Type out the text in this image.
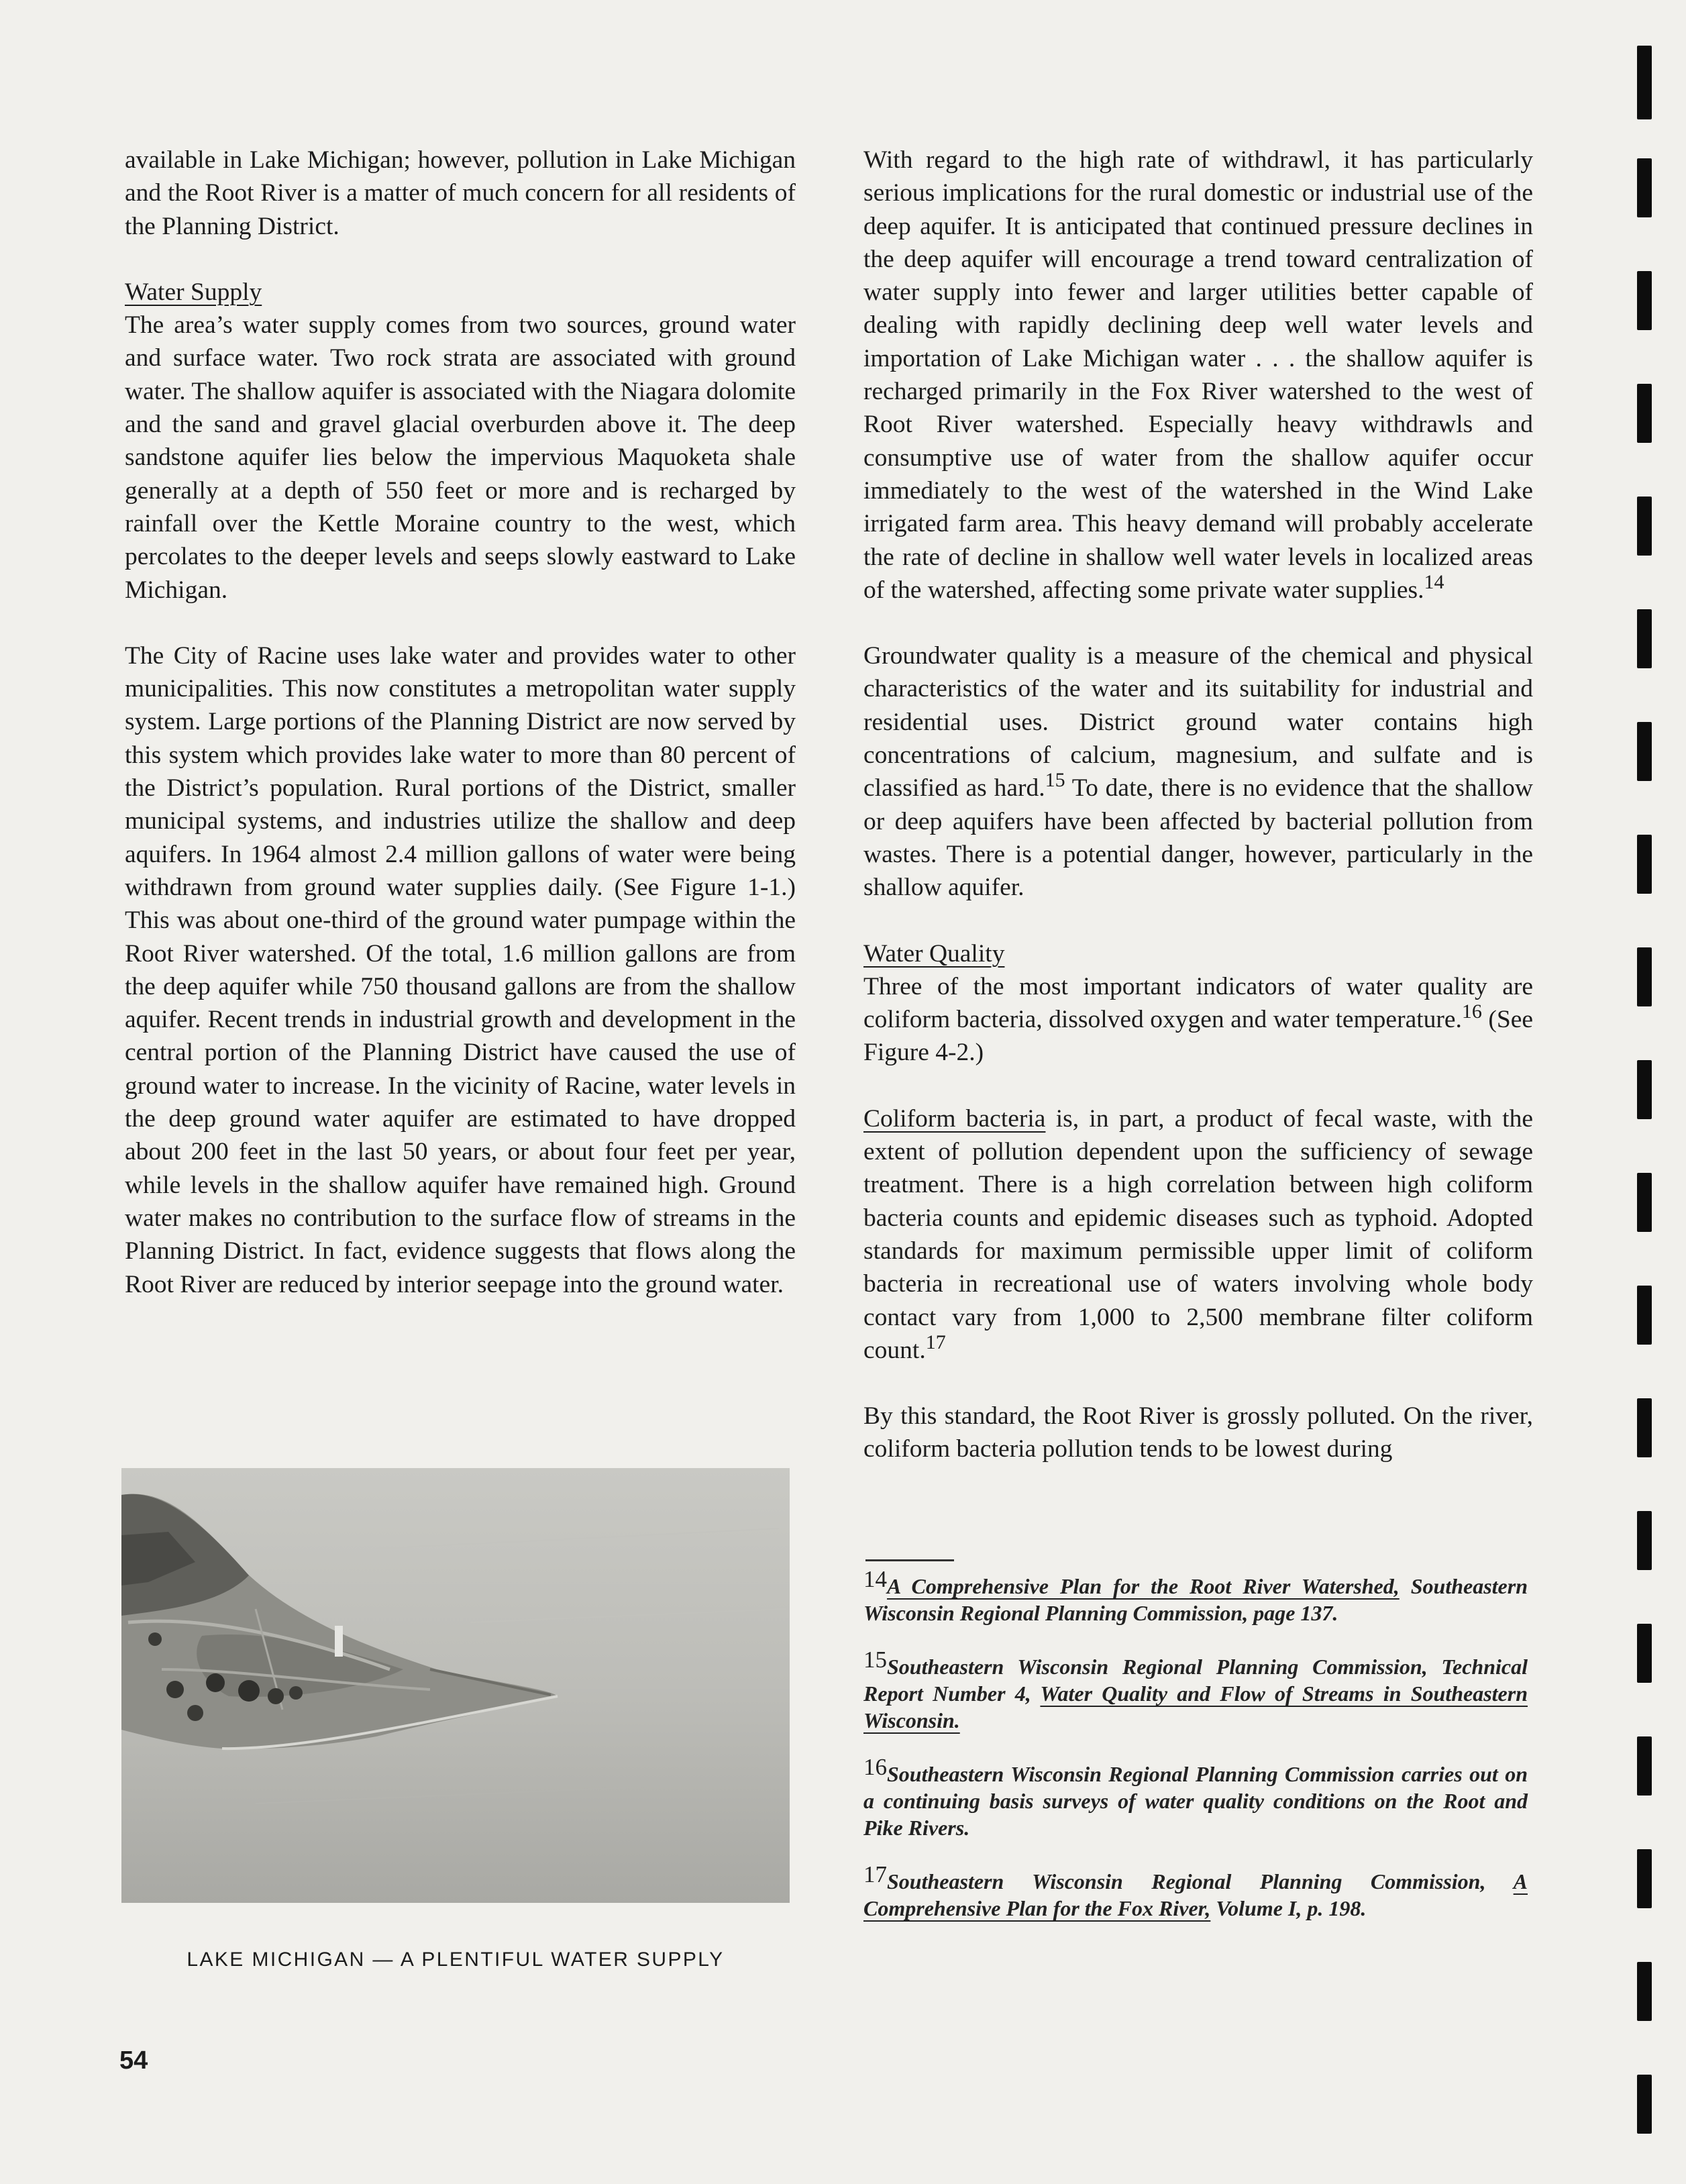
available in Lake Michigan; however, pollution in Lake Michigan and the Root River is a matter of much concern for all residents of the Planning District.

Water Supply

The area’s water supply comes from two sources, ground water and surface water. Two rock strata are associated with ground water. The shallow aquifer is associated with the Niagara dolomite and the sand and gravel glacial overburden above it. The deep sandstone aquifer lies below the impervious Maquoketa shale generally at a depth of 550 feet or more and is recharged by rainfall over the Kettle Moraine country to the west, which percolates to the deeper levels and seeps slowly eastward to Lake Michigan.

The City of Racine uses lake water and provides water to other municipalities. This now constitutes a metropolitan water supply system. Large portions of the Planning District are now served by this system which provides lake water to more than 80 percent of the District’s population. Rural portions of the District, smaller municipal systems, and industries utilize the shallow and deep aquifers. In 1964 almost 2.4 million gallons of water were being withdrawn from ground water supplies daily. (See Figure 1-1.) This was about one-third of the ground water pumpage within the Root River watershed. Of the total, 1.6 million gallons are from the deep aquifer while 750 thousand gallons are from the shallow aquifer. Recent trends in industrial growth and development in the central portion of the Planning District have caused the use of ground water to increase. In the vicinity of Racine, water levels in the deep ground water aquifer are estimated to have dropped about 200 feet in the last 50 years, or about four feet per year, while levels in the shallow aquifer have remained high. Ground water makes no contribution to the surface flow of streams in the Planning District. In fact, evidence suggests that flows along the Root River are reduced by interior seepage into the ground water.

LAKE MICHIGAN — A PLENTIFUL WATER SUPPLY
54

With regard to the high rate of withdrawl, it has particularly serious implications for the rural domestic or industrial use of the deep aquifer. It is anticipated that continued pressure declines in the deep aquifer will encourage a trend toward centralization of water supply into fewer and larger utilities better capable of dealing with rapidly declining deep well water levels and importation of Lake Michigan water . . . the shallow aquifer is recharged primarily in the Fox River watershed to the west of Root River watershed. Especially heavy withdrawls and consumptive use of water from the shallow aquifer occur immediately to the west of the watershed in the Wind Lake irrigated farm area. This heavy demand will probably accelerate the rate of decline in shallow well water levels in localized areas of the watershed, affecting some private water supplies.$^{14}$

Groundwater quality is a measure of the chemical and physical characteristics of the water and its suitability for industrial and residential uses. District ground water contains high concentrations of calcium, magnesium, and sulfate and is classified as hard.$^{15}$ To date, there is no evidence that the shallow or deep aquifers have been affected by bacterial pollution from wastes. There is a potential danger, however, particularly in the shallow aquifer.

Water Quality

Three of the most important indicators of water quality are coliform bacteria, dissolved oxygen and water temperature.$^{16}$ (See Figure 4-2.)

Coliform bacteria is, in part, a product of fecal waste, with the extent of pollution dependent upon the sufficiency of sewage treatment. There is a high correlation between high coliform bacteria counts and epidemic diseases such as typhoid. Adopted standards for maximum permissible upper limit of coliform bacteria in recreational use of waters involving whole body contact vary from 1,000 to 2,500 membrane filter coliform count.$^{17}$

By this standard, the Root River is grossly polluted. On the river, coliform bacteria pollution tends to be lowest during

14A Comprehensive Plan for the Root River Watershed, Southeastern Wisconsin Regional Planning Commission, page 137.

15Southeastern Wisconsin Regional Planning Commission, Technical Report Number 4, Water Quality and Flow of Streams in Southeastern Wisconsin.

16Southeastern Wisconsin Regional Planning Commission carries out on a continuing basis surveys of water quality conditions on the Root and Pike Rivers.

17Southeastern Wisconsin Regional Planning Commission, A Comprehensive Plan for the Fox River, Volume I, p. 198.
